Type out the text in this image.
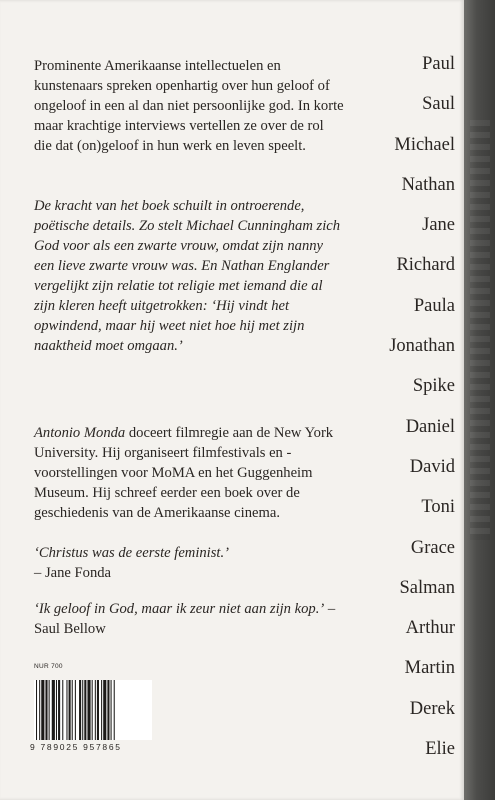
Prominente Amerikaanse intellectuelen en kunstenaars spreken openhartig over hun geloof of ongeloof in een al dan niet persoonlijke god. In korte maar krachtige interviews vertellen ze over de rol die dat (on)geloof in hun werk en leven speelt.

De kracht van het boek schuilt in ontroerende, poëtische details. Zo stelt Michael Cunningham zich God voor als een zwarte vrouw, omdat zijn nanny een lieve zwarte vrouw was. En Nathan Englander vergelijkt zijn relatie tot religie met iemand die al zijn kleren heeft uitgetrokken: ‘Hij vindt het opwindend, maar hij weet niet hoe hij met zijn naaktheid moet omgaan.’

Antonio Monda doceert filmregie aan de New York University. Hij organiseert filmfestivals en -voorstellingen voor MoMA en het Guggenheim Museum. Hij schreef eerder een boek over de geschiedenis van de Amerikaanse cinema.

‘Christus was de eerste feminist.’
– Jane Fonda

‘Ik geloof in God, maar ik zeur niet aan zijn kop.’ – Saul Bellow

Paul
Saul
Michael
Nathan
Jane
Richard
Paula
Jonathan
Spike
Daniel
David
Toni
Grace
Salman
Arthur
Martin
Derek
Elie
NUR 700
9 789025 957865
